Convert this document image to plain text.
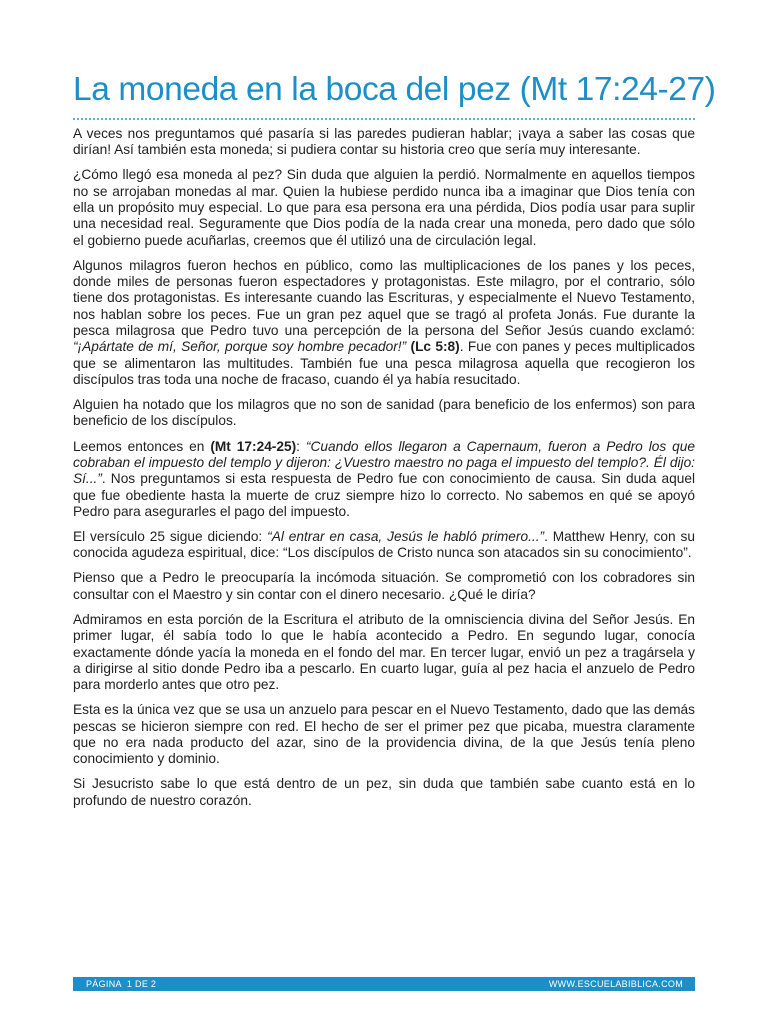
La moneda en la boca del pez (Mt 17:24-27)

A veces nos preguntamos qué pasaría si las paredes pudieran hablar; ¡vaya a saber las cosas que dirían! Así también esta moneda; si pudiera contar su historia creo que sería muy interesante.

¿Cómo llegó esa moneda al pez? Sin duda que alguien la perdió. Normalmente en aquellos tiempos no se arrojaban monedas al mar. Quien la hubiese perdido nunca iba a imaginar que Dios tenía con ella un propósito muy especial. Lo que para esa persona era una pérdida, Dios podía usar para suplir una necesidad real. Seguramente que Dios podía de la nada crear una moneda, pero dado que sólo el gobierno puede acuñarlas, creemos que él utilizó una de circulación legal.

Algunos milagros fueron hechos en público, como las multiplicaciones de los panes y los peces, donde miles de personas fueron espectadores y protagonistas. Este milagro, por el contrario, sólo tiene dos protagonistas. Es interesante cuando las Escrituras, y especialmente el Nuevo Testamento, nos hablan sobre los peces. Fue un gran pez aquel que se tragó al profeta Jonás. Fue durante la pesca milagrosa que Pedro tuvo una percepción de la persona del Señor Jesús cuando exclamó: “¡Apártate de mí, Señor, porque soy hombre pecador!” (Lc 5:8). Fue con panes y peces multiplicados que se alimentaron las multitudes. También fue una pesca milagrosa aquella que recogieron los discípulos tras toda una noche de fracaso, cuando él ya había resucitado.

Alguien ha notado que los milagros que no son de sanidad (para beneficio de los enfermos) son para beneficio de los discípulos.

Leemos entonces en (Mt 17:24-25): “Cuando ellos llegaron a Capernaum, fueron a Pedro los que cobraban el impuesto del templo y dijeron: ¿Vuestro maestro no paga el impuesto del templo?. Él dijo: Sí...”. Nos preguntamos si esta respuesta de Pedro fue con conocimiento de causa. Sin duda aquel que fue obediente hasta la muerte de cruz siempre hizo lo correcto. No sabemos en qué se apoyó Pedro para asegurarles el pago del impuesto.

El versículo 25 sigue diciendo: “Al entrar en casa, Jesús le habló primero...”. Matthew Henry, con su conocida agudeza espiritual, dice: “Los discípulos de Cristo nunca son atacados sin su conocimiento”.

Pienso que a Pedro le preocuparía la incómoda situación. Se comprometió con los cobradores sin consultar con el Maestro y sin contar con el dinero necesario. ¿Qué le diría?

Admiramos en esta porción de la Escritura el atributo de la omnisciencia divina del Señor Jesús. En primer lugar, él sabía todo lo que le había acontecido a Pedro. En segundo lugar, conocía exactamente dónde yacía la moneda en el fondo del mar. En tercer lugar, envió un pez a tragársela y a dirigirse al sitio donde Pedro iba a pescarlo. En cuarto lugar, guía al pez hacia el anzuelo de Pedro para morderlo antes que otro pez.

Esta es la única vez que se usa un anzuelo para pescar en el Nuevo Testamento, dado que las demás pescas se hicieron siempre con red. El hecho de ser el primer pez que picaba, muestra claramente que no era nada producto del azar, sino de la providencia divina, de la que Jesús tenía pleno conocimiento y dominio.

Si Jesucristo sabe lo que está dentro de un pez, sin duda que también sabe cuanto está en lo profundo de nuestro corazón.

PÁGINA  1 DE 2	WWW.ESCUELABIBLICA.COM
